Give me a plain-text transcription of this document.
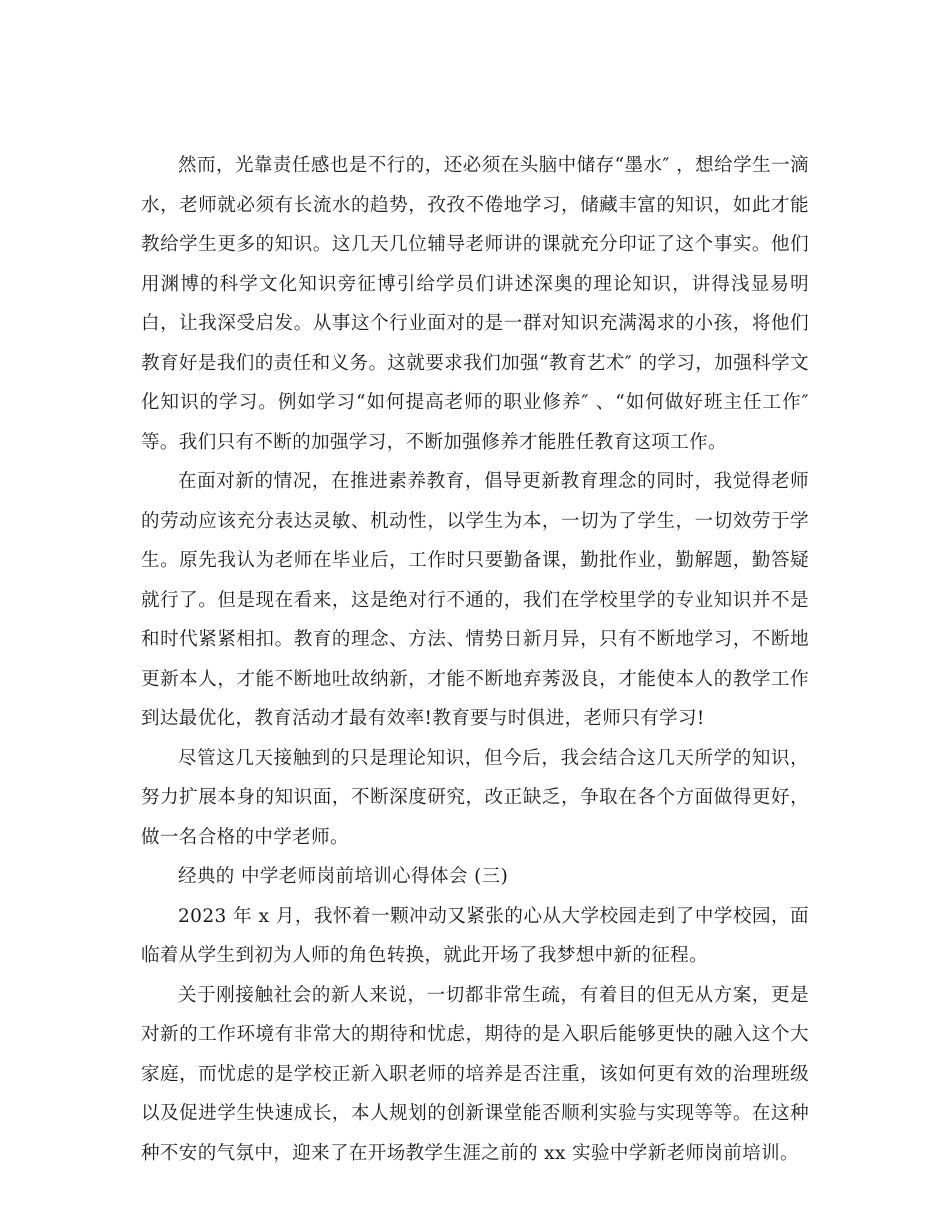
然而，光靠责任感也是不行的，还必须在头脑中储存“墨水″ ，想给学生一滴水，老师就必须有长流水的趋势，孜孜不倦地学习，储藏丰富的知识，如此才能教给学生更多的知识。这几天几位辅导老师讲的课就充分印证了这个事实。他们用渊博的科学文化知识旁征博引给学员们讲述深奥的理论知识，讲得浅显易明白，让我深受启发。从事这个行业面对的是一群对知识充满渴求的小孩，将他们教育好是我们的责任和义务。这就要求我们加强“教育艺术″ 的学习，加强科学文化知识的学习。例如学习“如何提高老师的职业修养″ 、“如何做好班主任工作″ 等。我们只有不断的加强学习，不断加强修养才能胜任教育这项工作。

在面对新的情况，在推进素养教育，倡导更新教育理念的同时，我觉得老师的劳动应该充分表达灵敏、机动性，以学生为本，一切为了学生，一切效劳于学生。原先我认为老师在毕业后，工作时只要勤备课，勤批作业，勤解题，勤答疑就行了。但是现在看来，这是绝对行不通的，我们在学校里学的专业知识并不是和时代紧紧相扣。教育的理念、方法、情势日新月异，只有不断地学习，不断地更新本人，才能不断地吐故纳新，才能不断地弃莠汲良，才能使本人的教学工作到达最优化，教育活动才最有效率!教育要与时俱进，老师只有学习!

尽管这几天接触到的只是理论知识，但今后，我会结合这几天所学的知识，努力扩展本身的知识面，不断深度研究，改正缺乏，争取在各个方面做得更好，做一名合格的中学老师。

经典的 中学老师岗前培训心得体会 (三)

2023 年 x 月，我怀着一颗冲动又紧张的心从大学校园走到了中学校园，面临着从学生到初为人师的角色转换，就此开场了我梦想中新的征程。

关于刚接触社会的新人来说，一切都非常生疏，有着目的但无从方案，更是对新的工作环境有非常大的期待和忧虑，期待的是入职后能够更快的融入这个大家庭，而忧虑的是学校正新入职老师的培养是否注重，该如何更有效的治理班级以及促进学生快速成长，本人规划的创新课堂能否顺利实验与实现等等。在这种种不安的气氛中，迎来了在开场教学生涯之前的 xx 实验中学新老师岗前培训。
